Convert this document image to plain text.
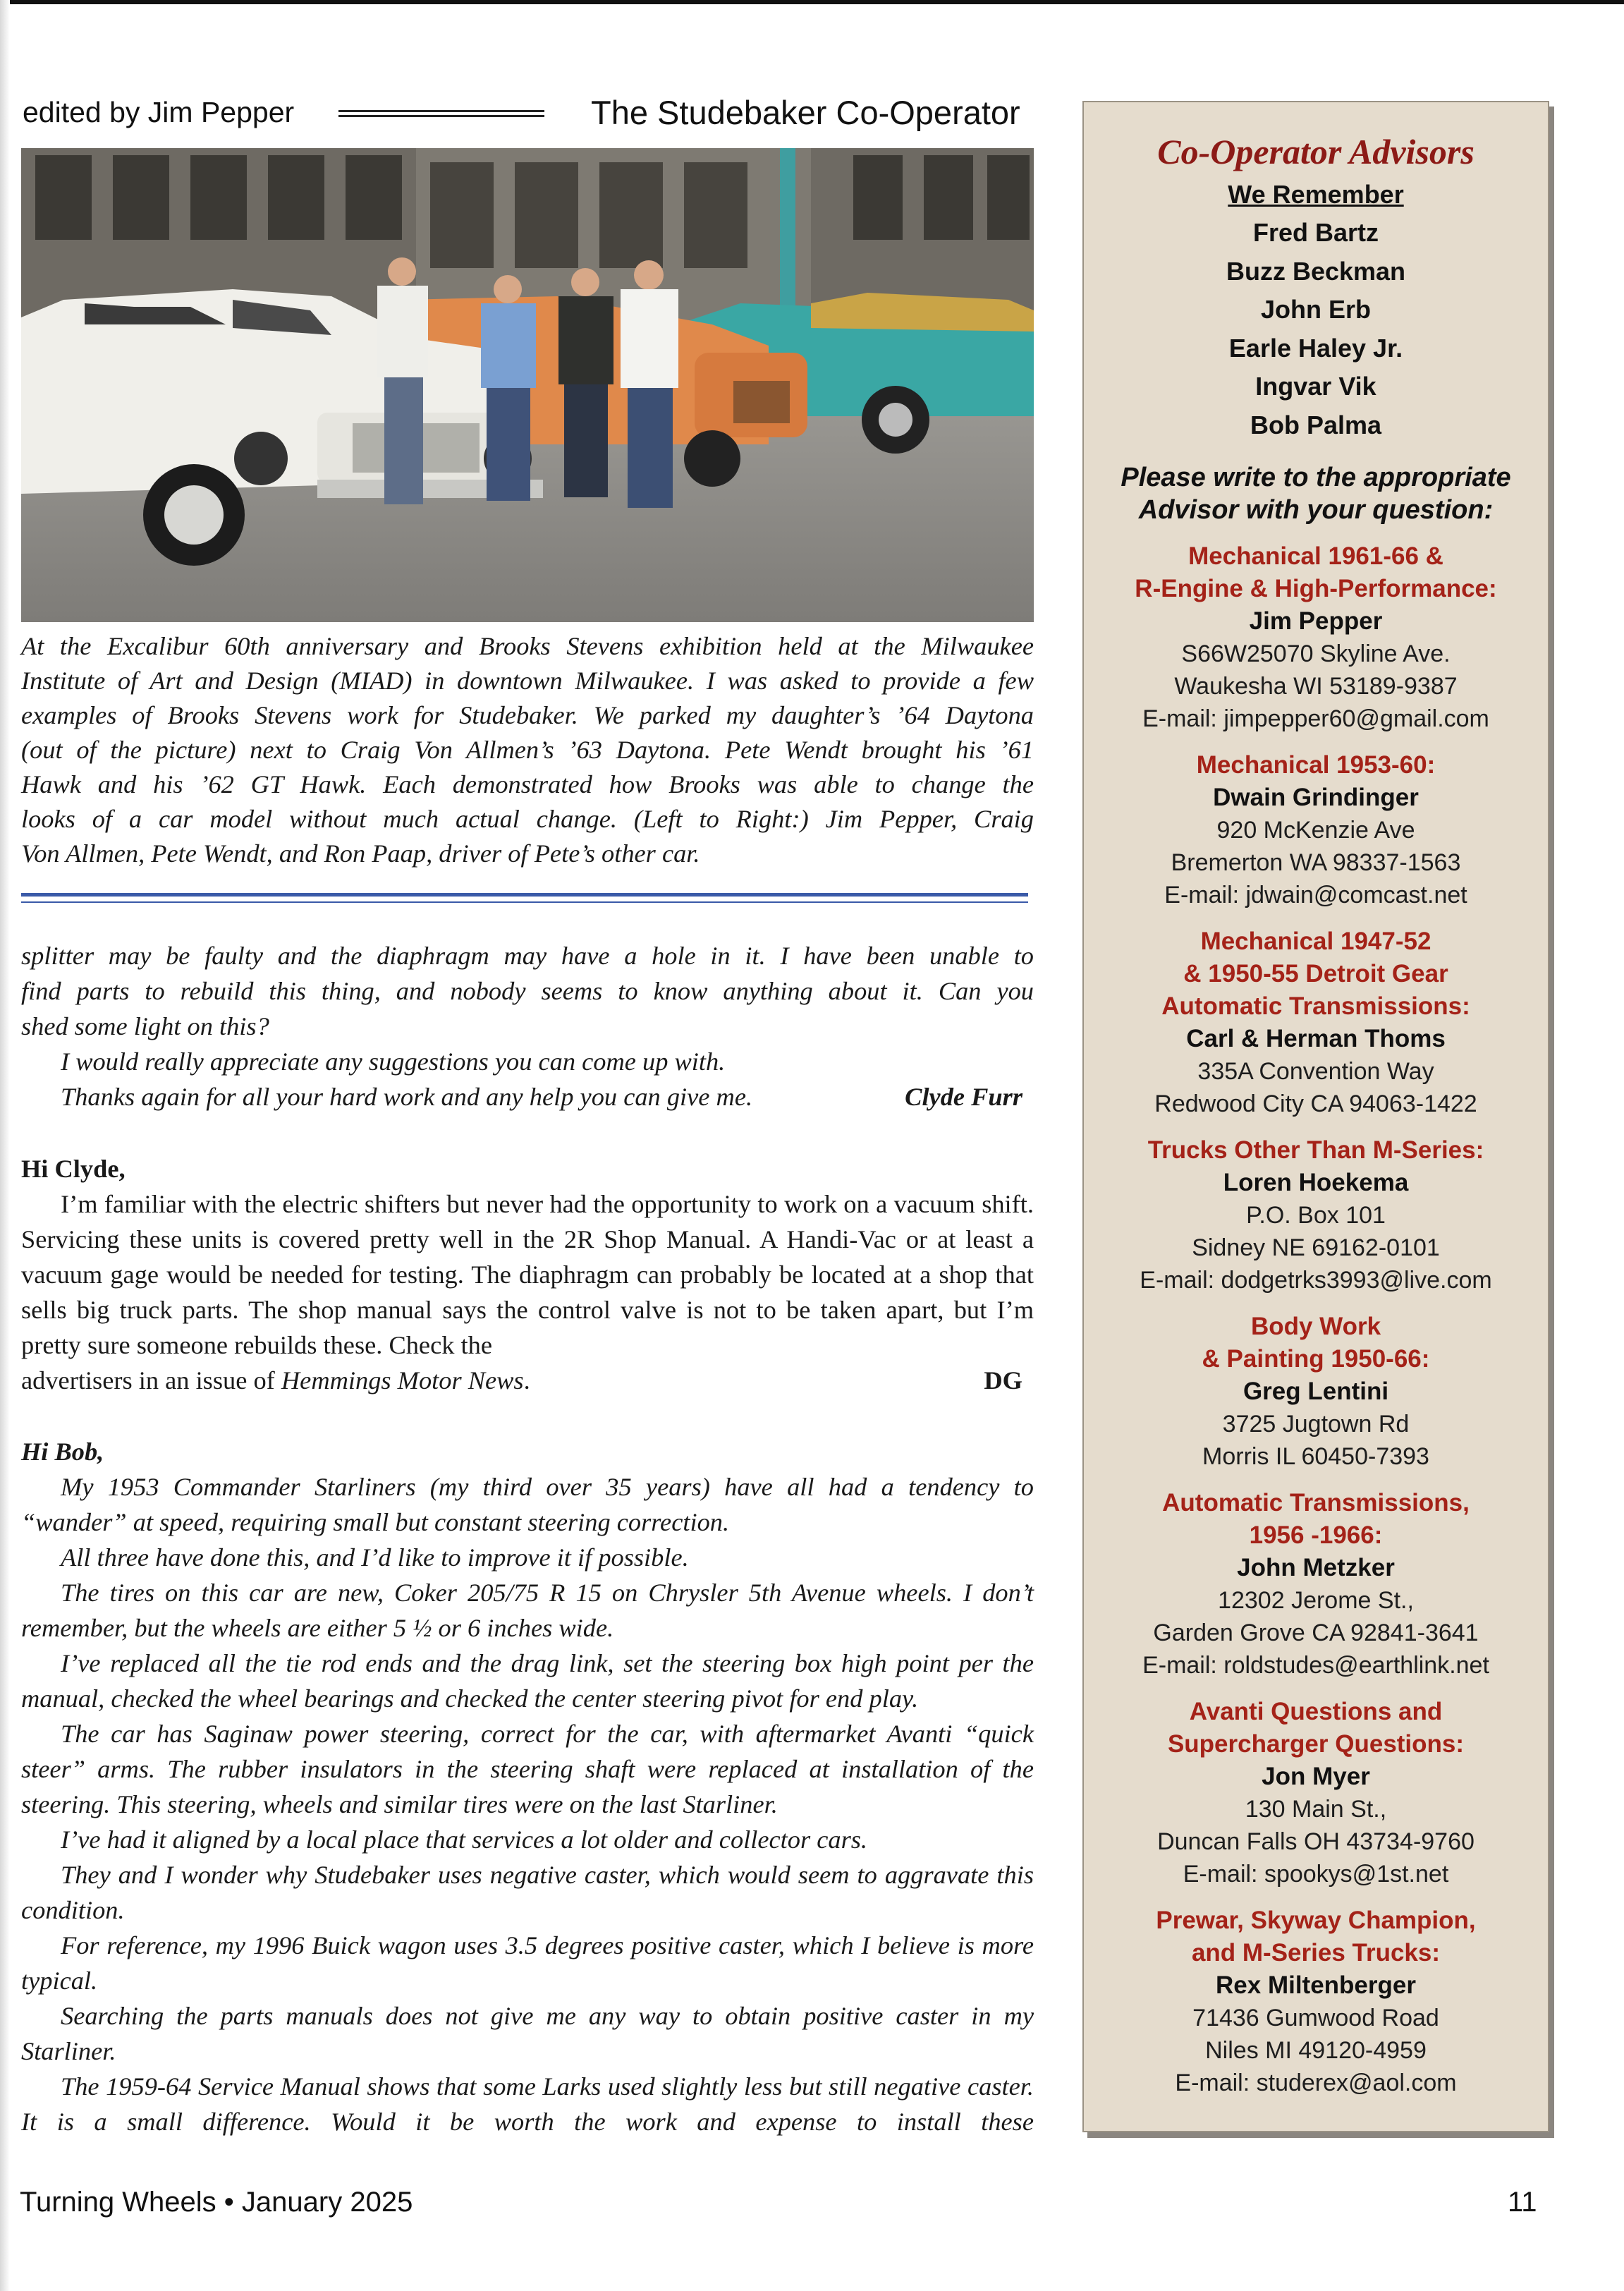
edited by Jim Pepper	The Studebaker Co-Operator

At the Excalibur 60th anniversary and Brooks Stevens exhibition held at the Milwaukee

Institute of Art and Design (MIAD) in downtown Milwaukee. I was asked to provide a few

examples of Brooks Stevens work for Studebaker. We parked my daughter’s ’64 Daytona

(out of the picture) next to Craig Von Allmen’s ’63 Daytona. Pete Wendt brought his ’61

Hawk and his ’62 GT Hawk. Each demonstrated how Brooks was able to change the

looks of a car model without much actual change. (Left to Right:) Jim Pepper, Craig

Von Allmen, Pete Wendt, and Ron Paap, driver of Pete’s other car.

splitter may be faulty and the diaphragm may have a hole in it. I have been unable to

find parts to rebuild this thing, and nobody seems to know anything about it. Can you

shed some light on this?

I would really appreciate any suggestions you can come up with.

Thanks again for all your hard work and any help you can give me.	Clyde Furr

Hi Clyde,

I’m familiar with the electric shifters but never had the opportunity to work on a vacuum shift. Servicing these units is covered pretty well in the 2R Shop Manual. A Handi-Vac or at least a vacuum gage would be needed for testing. The diaphragm can probably be located at a shop that sells big truck parts. The shop manual says the control valve is not to be taken apart, but I’m pretty sure someone rebuilds these. Check the

advertisers in an issue of Hemmings Motor News.	DG

Hi Bob,

My 1953 Commander Starliners (my third over 35 years) have all had a tendency to “wander” at speed, requiring small but constant steering correction.

All three have done this, and I’d like to improve it if possible.

The tires on this car are new, Coker 205/75 R 15 on Chrysler 5th Avenue wheels. I don’t remember, but the wheels are either 5 ½ or 6 inches wide.

I’ve replaced all the tie rod ends and the drag link, set the steering box high point per the manual, checked the wheel bearings and checked the center steering pivot for end play.

The car has Saginaw power steering, correct for the car, with aftermarket Avanti “quick steer” arms. The rubber insulators in the steering shaft were replaced at installation of the steering. This steering, wheels and similar tires were on the last Starliner.

I’ve had it aligned by a local place that services a lot older and collector cars.

They and I wonder why Studebaker uses negative caster, which would seem to aggravate this condition.

For reference, my 1996 Buick wagon uses 3.5 degrees positive caster, which I believe is more typical.

Searching the parts manuals does not give me any way to obtain positive caster in my Starliner.

The 1959-64 Service Manual shows that some Larks used slightly less but still negative caster. It is a small difference. Would it be worth the work and expense to install these

Co-Operator Advisors
We Remember
Fred Bartz
Buzz Beckman
John Erb
Earle Haley Jr.
Ingvar Vik
Bob Palma
Please write to the appropriate
Advisor with your question:
Mechanical 1961-66 &
R-Engine & High-Performance:
Jim Pepper
S66W25070 Skyline Ave.
Waukesha WI 53189-9387
E-mail: jimpepper60@gmail.com
Mechanical 1953-60:
Dwain Grindinger
920 McKenzie Ave
Bremerton WA 98337-1563
E-mail: jdwain@comcast.net
Mechanical 1947-52
& 1950-55 Detroit Gear
Automatic Transmissions:
Carl & Herman Thoms
335A Convention Way
Redwood City CA 94063-1422
Trucks Other Than M-Series:
Loren Hoekema
P.O. Box 101
Sidney NE 69162-0101
E-mail: dodgetrks3993@live.com
Body Work
& Painting 1950-66:
Greg Lentini
3725 Jugtown Rd
Morris IL 60450-7393
Automatic Transmissions,
1956 -1966:
John Metzker
12302 Jerome St.,
Garden Grove CA 92841-3641
E-mail: roldstudes@earthlink.net
Avanti Questions and
Supercharger Questions:
Jon Myer
130 Main St.,
Duncan Falls OH 43734-9760
E-mail: spookys@1st.net
Prewar, Skyway Champion,
and M-Series Trucks:
Rex Miltenberger
71436 Gumwood Road
Niles MI 49120-4959
E-mail: studerex@aol.com
Turning Wheels • January 2025	11
